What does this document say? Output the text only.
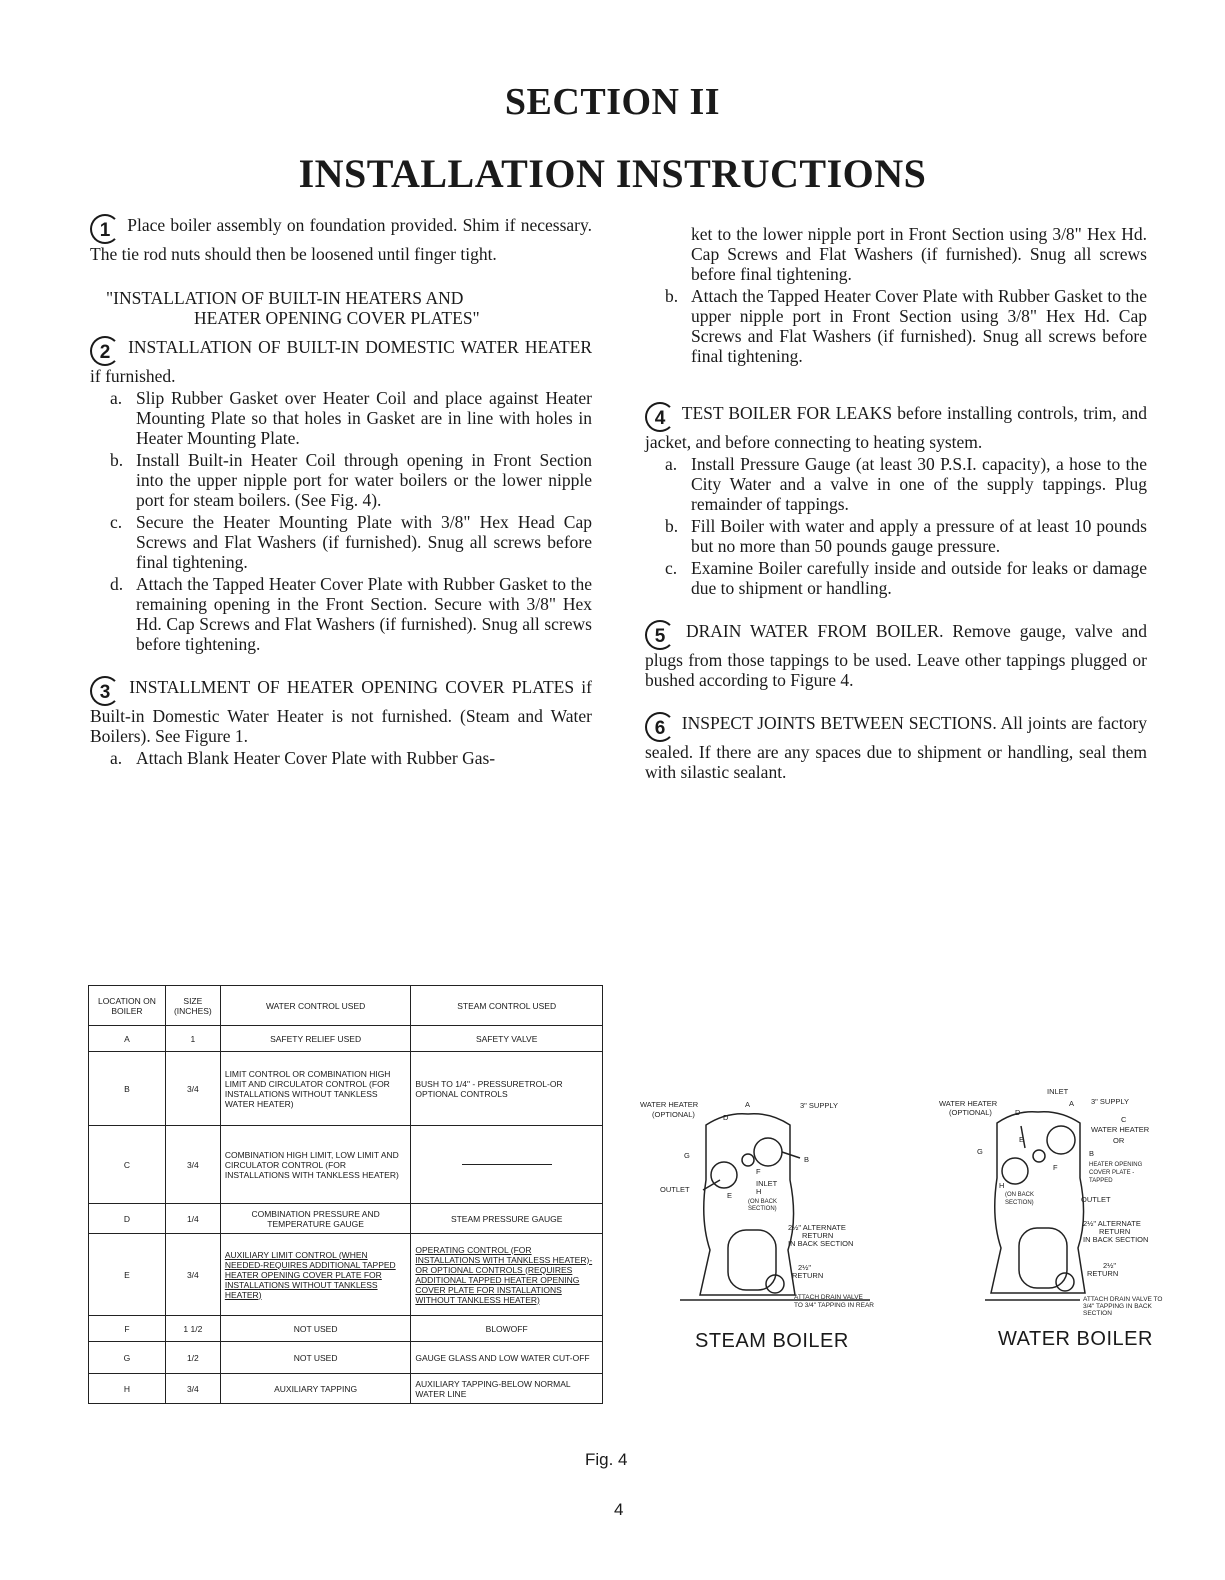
SECTION II
INSTALLATION INSTRUCTIONS

1 Place boiler assembly on foundation provided. Shim if necessary. The tie rod nuts should then be loosened until finger tight.

"INSTALLATION OF BUILT-IN HEATERS AND

HEATER OPENING COVER PLATES"

2 INSTALLATION OF BUILT-IN DOMESTIC WATER HEATER if furnished.

a. Slip Rubber Gasket over Heater Coil and place against Heater Mounting Plate so that holes in Gasket are in line with holes in Heater Mounting Plate.
b. Install Built-in Heater Coil through opening in Front Section into the upper nipple port for water boilers or the lower nipple port for steam boilers. (See Fig. 4).
c. Secure the Heater Mounting Plate with 3/8" Hex Head Cap Screws and Flat Washers (if furnished). Snug all screws before final tightening.
d. Attach the Tapped Heater Cover Plate with Rubber Gasket to the remaining opening in the Front Section. Secure with 3/8" Hex Hd. Cap Screws and Flat Washers (if furnished). Snug all screws before tightening.

3 INSTALLMENT OF HEATER OPENING COVER PLATES if Built-in Domestic Water Heater is not furnished. (Steam and Water Boilers). See Figure 1.

a. Attach Blank Heater Cover Plate with Rubber Gas-
ket to the lower nipple port in Front Section using 3/8" Hex Hd. Cap Screws and Flat Washers (if furnished). Snug all screws before final tightening.
b. Attach the Tapped Heater Cover Plate with Rubber Gasket to the upper nipple port in Front Section using 3/8" Hex Hd. Cap Screws and Flat Washers (if furnished). Snug all screws before final tightening.

4 TEST BOILER FOR LEAKS before installing controls, trim, and jacket, and before connecting to heating system.

a. Install Pressure Gauge (at least 30 P.S.I. capacity), a hose to the City Water and a valve in one of the supply tappings. Plug remainder of tappings.
b. Fill Boiler with water and apply a pressure of at least 10 pounds but no more than 50 pounds gauge pressure.
c. Examine Boiler carefully inside and outside for leaks or damage due to shipment or handling.

5 DRAIN WATER FROM BOILER. Remove gauge, valve and plugs from those tappings to be used. Leave other tappings plugged or bushed according to Figure 4.

6 INSPECT JOINTS BETWEEN SECTIONS. All joints are factory sealed. If there are any spaces due to shipment or handling, seal them with silastic sealant.

LOCATION ON BOILER	SIZE (INCHES)	WATER CONTROL USED	STEAM CONTROL USED
A	1	SAFETY RELIEF USED	SAFETY VALVE
B	3/4	LIMIT CONTROL OR COMBINATION HIGH LIMIT AND CIRCULATOR CONTROL (FOR INSTALLATIONS WITHOUT TANKLESS WATER HEATER)	BUSH TO 1/4" - PRESSURETROL-OR OPTIONAL CONTROLS
C	3/4	COMBINATION HIGH LIMIT, LOW LIMIT AND CIRCULATOR CONTROL (FOR INSTALLATIONS WITH TANKLESS HEATER)	

D	1/4	COMBINATION PRESSURE AND TEMPERATURE GAUGE	STEAM PRESSURE GAUGE
E	3/4	AUXILIARY LIMIT CONTROL (WHEN NEEDED-REQUIRES ADDITIONAL TAPPED HEATER OPENING COVER PLATE FOR INSTALLATIONS WITHOUT TANKLESS HEATER)	OPERATING CONTROL (FOR INSTALLATIONS WITH TANKLESS HEATER)-OR OPTIONAL CONTROLS (REQUIRES ADDITIONAL TAPPED HEATER OPENING COVER PLATE FOR INSTALLATIONS WITHOUT TANKLESS HEATER)
F	1 1/2	NOT USED	BLOWOFF
G	1/2	NOT USED	GAUGE GLASS AND LOW WATER CUT-OFF
H	3/4	AUXILIARY TAPPING	AUXILIARY TAPPING-BELOW NORMAL WATER LINE
WATER HEATER
(OPTIONAL)
A
D
3" SUPPLY
B
G
F
INLET
OUTLET
E	H
(ON BACK
SECTION)
2½" ALTERNATE
RETURN
IN BACK SECTION
2½"
RETURN
ATTACH DRAIN VALVE
TO 3/4" TAPPING IN REAR
INLET
WATER HEATER
(OPTIONAL)	D
A 3" SUPPLY
C
WATER HEATER
OR
B
HEATER OPENING
COVER PLATE -
TAPPED
E
G
F
H
(ON BACK
SECTION)	OUTLET
2½" ALTERNATE
RETURN
IN BACK SECTION
2½"
RETURN
ATTACH DRAIN VALVE TO
3/4" TAPPING IN BACK
SECTION
STEAM BOILER	WATER BOILER
Fig. 4
4
